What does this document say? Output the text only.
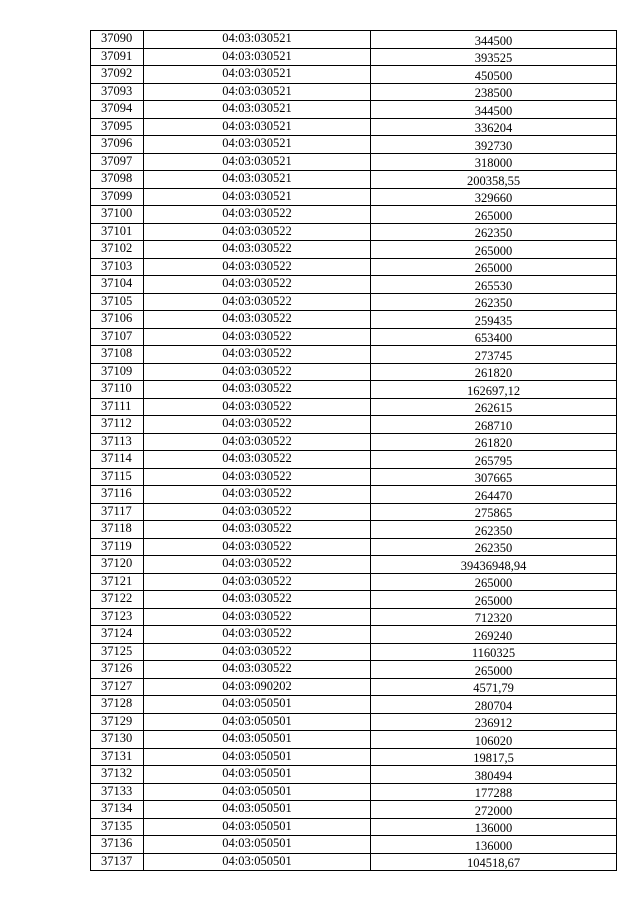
37090	04:03:030521	344500
37091	04:03:030521	393525
37092	04:03:030521	450500
37093	04:03:030521	238500
37094	04:03:030521	344500
37095	04:03:030521	336204
37096	04:03:030521	392730
37097	04:03:030521	318000
37098	04:03:030521	200358,55
37099	04:03:030521	329660
37100	04:03:030522	265000
37101	04:03:030522	262350
37102	04:03:030522	265000
37103	04:03:030522	265000
37104	04:03:030522	265530
37105	04:03:030522	262350
37106	04:03:030522	259435
37107	04:03:030522	653400
37108	04:03:030522	273745
37109	04:03:030522	261820
37110	04:03:030522	162697,12
37111	04:03:030522	262615
37112	04:03:030522	268710
37113	04:03:030522	261820
37114	04:03:030522	265795
37115	04:03:030522	307665
37116	04:03:030522	264470
37117	04:03:030522	275865
37118	04:03:030522	262350
37119	04:03:030522	262350
37120	04:03:030522	39436948,94
37121	04:03:030522	265000
37122	04:03:030522	265000
37123	04:03:030522	712320
37124	04:03:030522	269240
37125	04:03:030522	1160325
37126	04:03:030522	265000
37127	04:03:090202	4571,79
37128	04:03:050501	280704
37129	04:03:050501	236912
37130	04:03:050501	106020
37131	04:03:050501	19817,5
37132	04:03:050501	380494
37133	04:03:050501	177288
37134	04:03:050501	272000
37135	04:03:050501	136000
37136	04:03:050501	136000
37137	04:03:050501	104518,67
